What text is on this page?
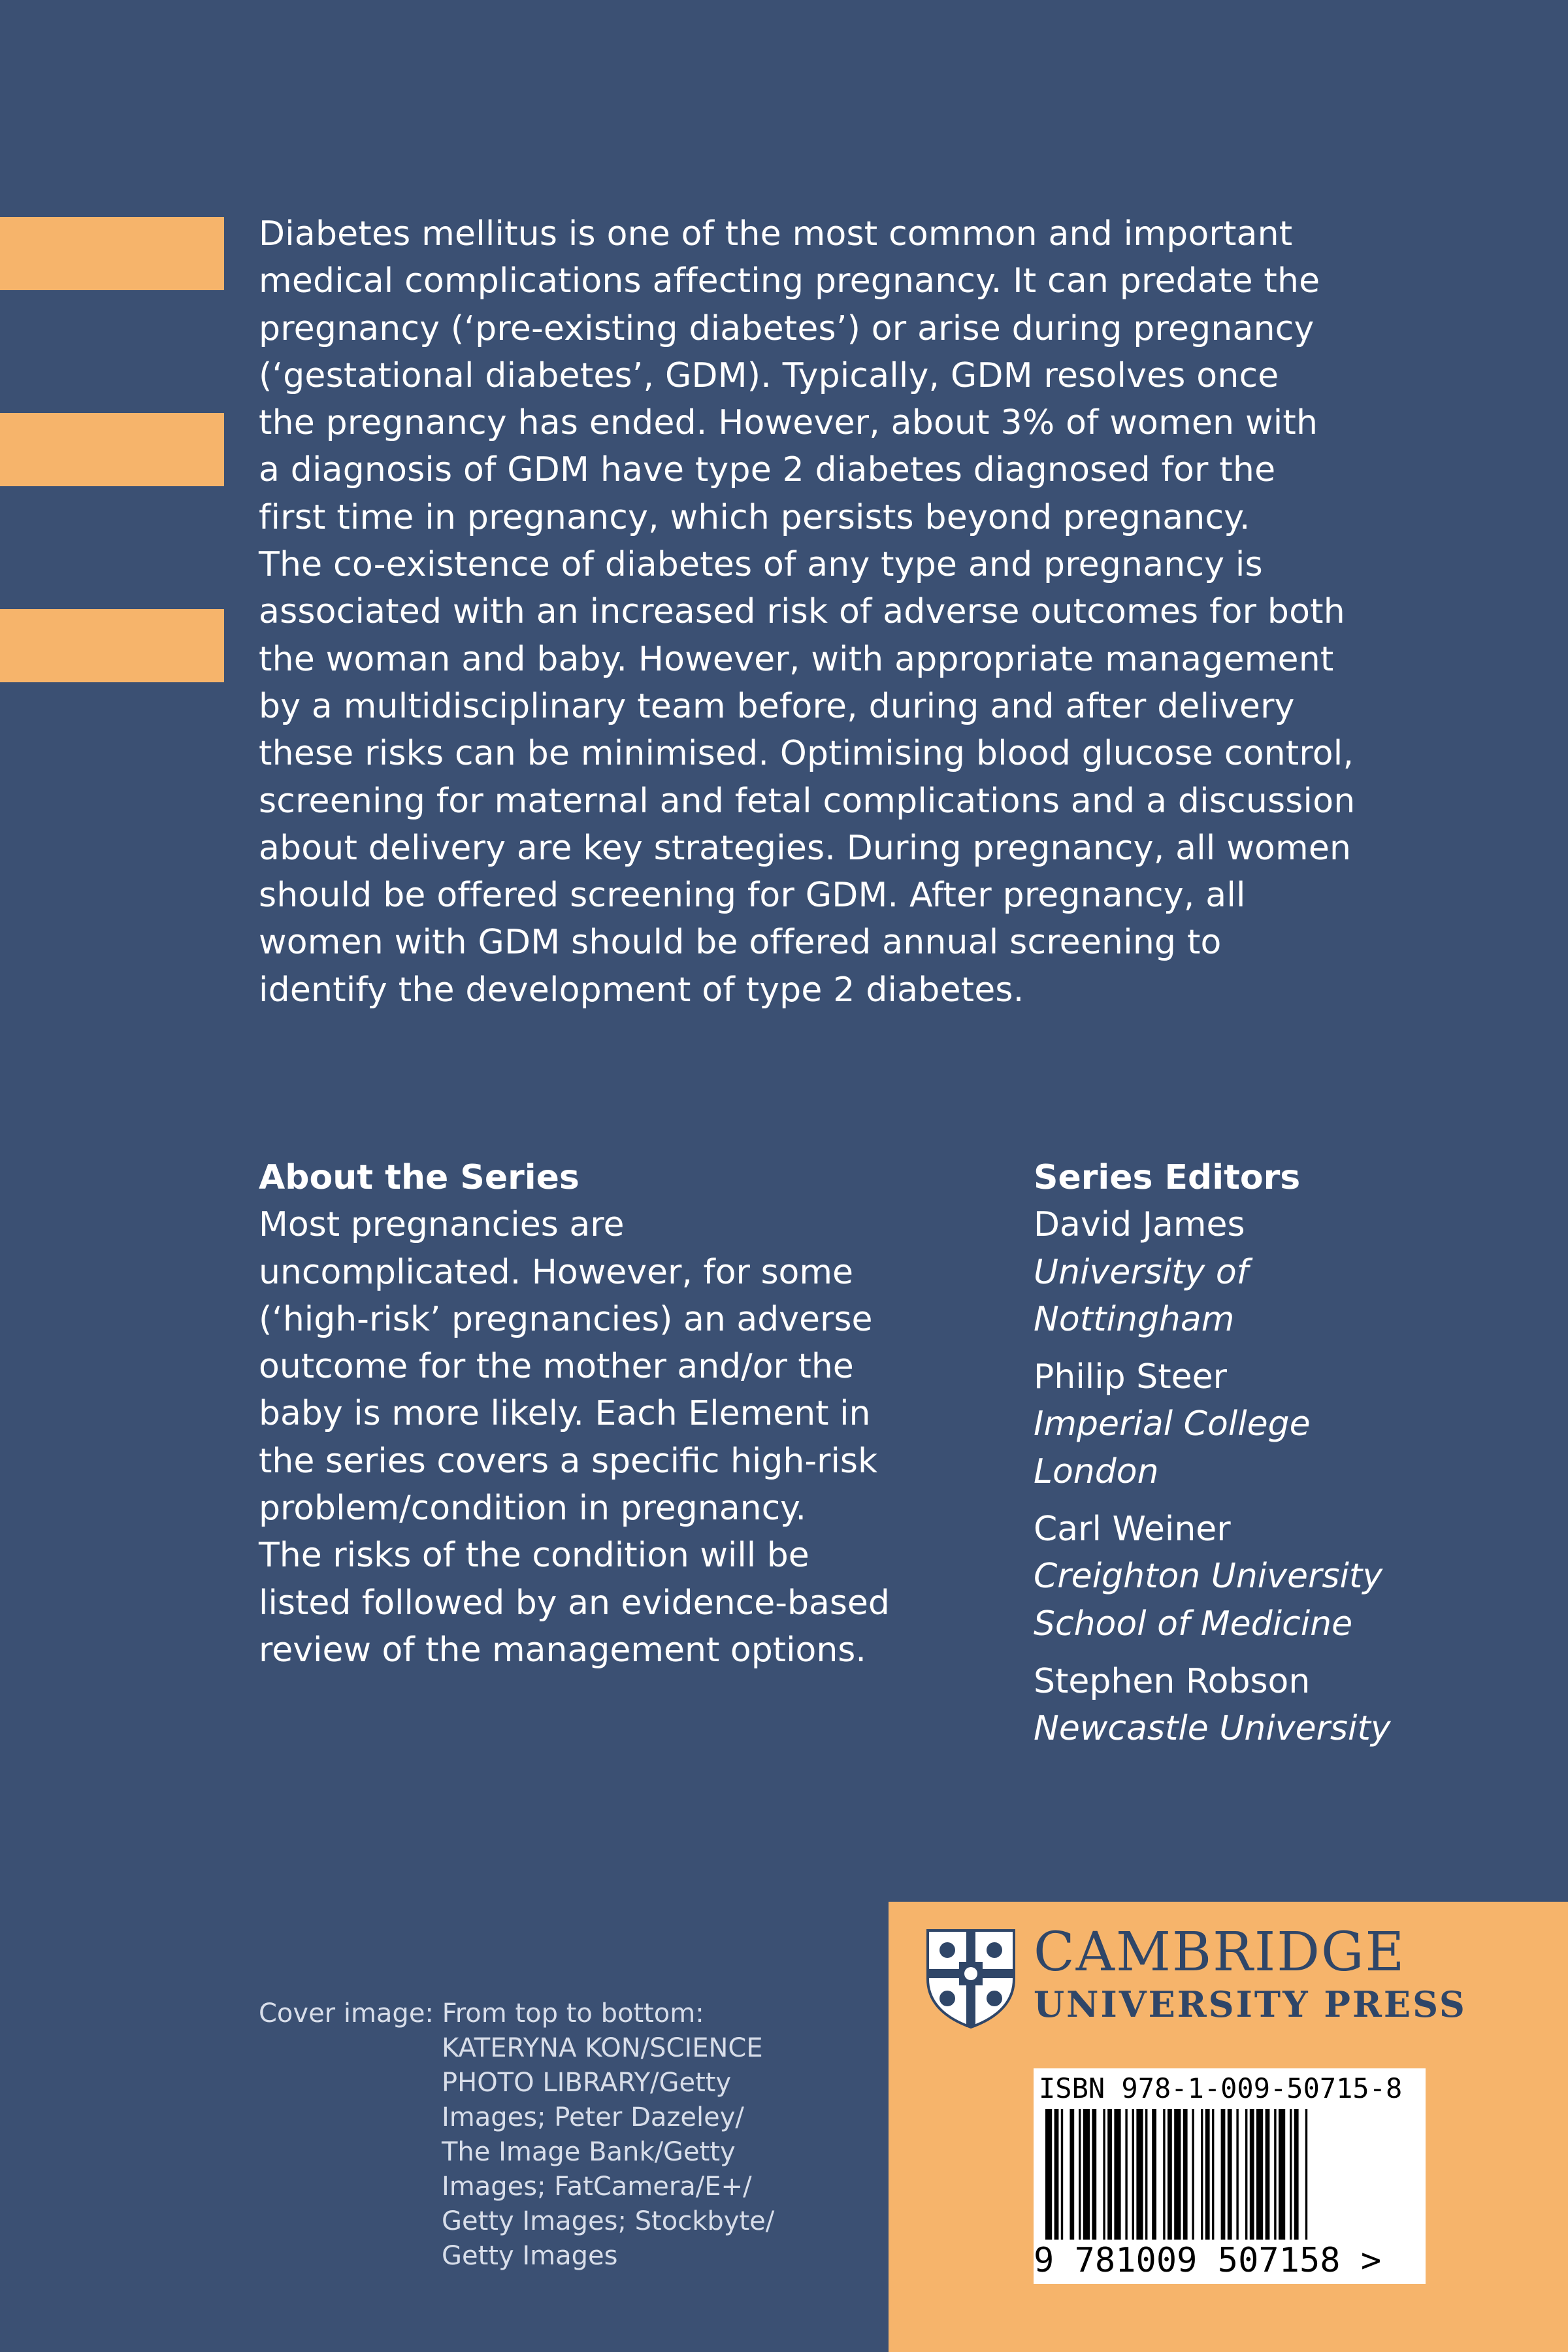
Diabetes mellitus is one of the most common and important
medical complications affecting pregnancy. It can predate the
pregnancy (‘pre-existing diabetes’) or arise during pregnancy
(‘gestational diabetes’, GDM). Typically, GDM resolves once
the pregnancy has ended. However, about 3% of women with
a diagnosis of GDM have type 2 diabetes diagnosed for the
first time in pregnancy, which persists beyond pregnancy.
The co-existence of diabetes of any type and pregnancy is
associated with an increased risk of adverse outcomes for both
the woman and baby. However, with appropriate management
by a multidisciplinary team before, during and after delivery
these risks can be minimised. Optimising blood glucose control,
screening for maternal and fetal complications and a discussion
about delivery are key strategies. During pregnancy, all women
should be offered screening for GDM. After pregnancy, all
women with GDM should be offered annual screening to
identify the development of type 2 diabetes.
About the Series
Most pregnancies are
uncomplicated. However, for some
(‘high-risk’ pregnancies) an adverse
outcome for the mother and/or the
baby is more likely. Each Element in
the series covers a specific high-risk
problem/condition in pregnancy.
The risks of the condition will be
listed followed by an evidence-based
review of the management options.
Series Editors
David James
University of
Nottingham
Philip Steer
Imperial College
London
Carl Weiner
Creighton University
School of Medicine
Stephen Robson
Newcastle University
Cover image: From top to bottom:
KATERYNA KON/SCIENCE
PHOTO LIBRARY/Getty
Images; Peter Dazeley/
The Image Bank/Getty
Images; FatCamera/E+/
Getty Images; Stockbyte/
Getty Images
CAMBRIDGE
UNIVERSITY PRESS
ISBN 978-1-009-50715-8
9 781009 507158 >
